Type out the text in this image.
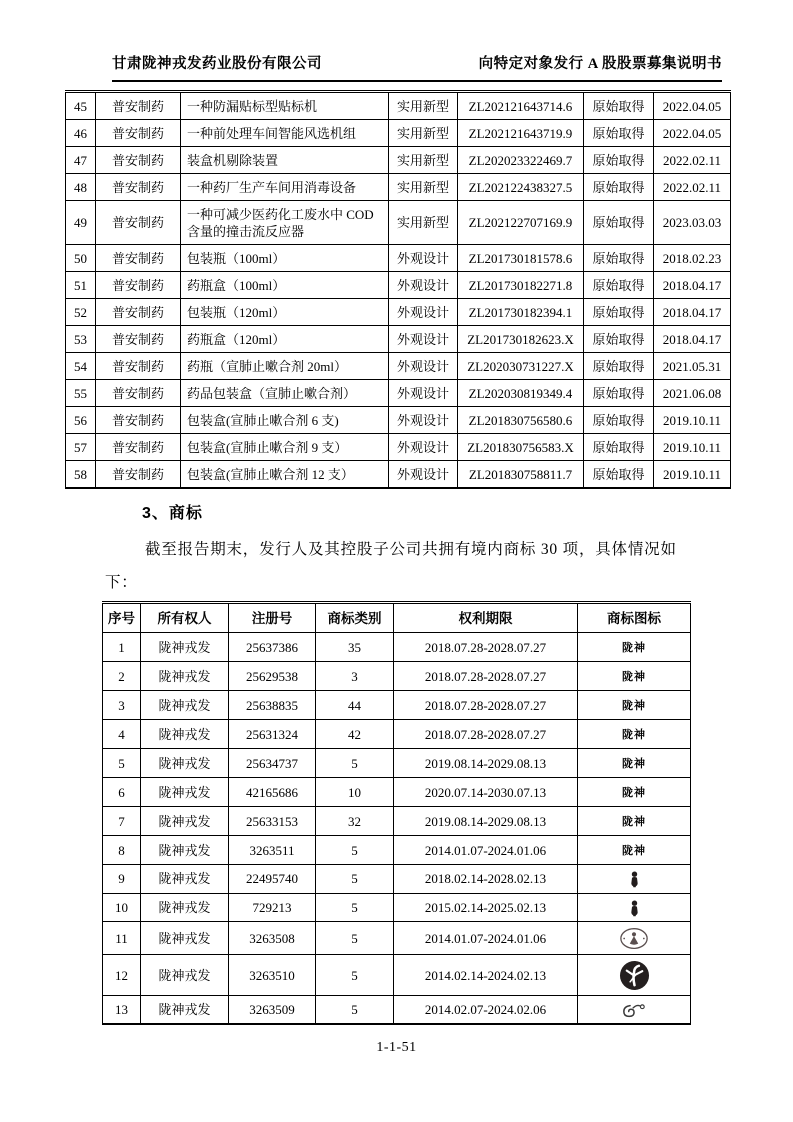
甘肃陇神戎发药业股份有限公司	向特定对象发行 A 股股票募集说明书
45	普安制药	一种防漏贴标型贴标机	实用新型	ZL202121643714.6	原始取得	2022.04.05
46	普安制药	一种前处理车间智能风选机组	实用新型	ZL202121643719.9	原始取得	2022.04.05
47	普安制药	装盒机剔除装置	实用新型	ZL202023322469.7	原始取得	2022.02.11
48	普安制药	一种药厂生产车间用消毒设备	实用新型	ZL202122438327.5	原始取得	2022.02.11
49	普安制药	一种可减少医药化工废水中 COD 含量的撞击流反应器	实用新型	ZL202122707169.9	原始取得	2023.03.03
50	普安制药	包装瓶（100ml）	外观设计	ZL201730181578.6	原始取得	2018.02.23
51	普安制药	药瓶盒（100ml）	外观设计	ZL201730182271.8	原始取得	2018.04.17
52	普安制药	包装瓶（120ml）	外观设计	ZL201730182394.1	原始取得	2018.04.17
53	普安制药	药瓶盒（120ml）	外观设计	ZL201730182623.X	原始取得	2018.04.17
54	普安制药	药瓶（宣肺止嗽合剂 20ml）	外观设计	ZL202030731227.X	原始取得	2021.05.31
55	普安制药	药品包装盒（宣肺止嗽合剂）	外观设计	ZL202030819349.4	原始取得	2021.06.08
56	普安制药	包装盒(宣肺止嗽合剂 6 支)	外观设计	ZL201830756580.6	原始取得	2019.10.11
57	普安制药	包装盒(宣肺止嗽合剂 9 支）	外观设计	ZL201830756583.X	原始取得	2019.10.11
58	普安制药	包装盒(宣肺止嗽合剂 12 支）	外观设计	ZL201830758811.7	原始取得	2019.10.11
3、商标
截至报告期末，发行人及其控股子公司共拥有境内商标 30 项，具体情况如
下：
序号	所有权人	注册号	商标类别	权利期限	商标图标
1	陇神戎发	25637386	35	2018.07.28-2028.07.27	陇神
2	陇神戎发	25629538	3	2018.07.28-2028.07.27	陇神
3	陇神戎发	25638835	44	2018.07.28-2028.07.27	陇神
4	陇神戎发	25631324	42	2018.07.28-2028.07.27	陇神
5	陇神戎发	25634737	5	2019.08.14-2029.08.13	陇神
6	陇神戎发	42165686	10	2020.07.14-2030.07.13	陇神
7	陇神戎发	25633153	32	2019.08.14-2029.08.13	陇神
8	陇神戎发	3263511	5	2014.01.07-2024.01.06	陇神
9	陇神戎发	22495740	5	2018.02.14-2028.02.13	
10	陇神戎发	729213	5	2015.02.14-2025.02.13	
11	陇神戎发	3263508	5	2014.01.07-2024.01.06	
12	陇神戎发	3263510	5	2014.02.14-2024.02.13	
13	陇神戎发	3263509	5	2014.02.07-2024.02.06	
1-1-51
